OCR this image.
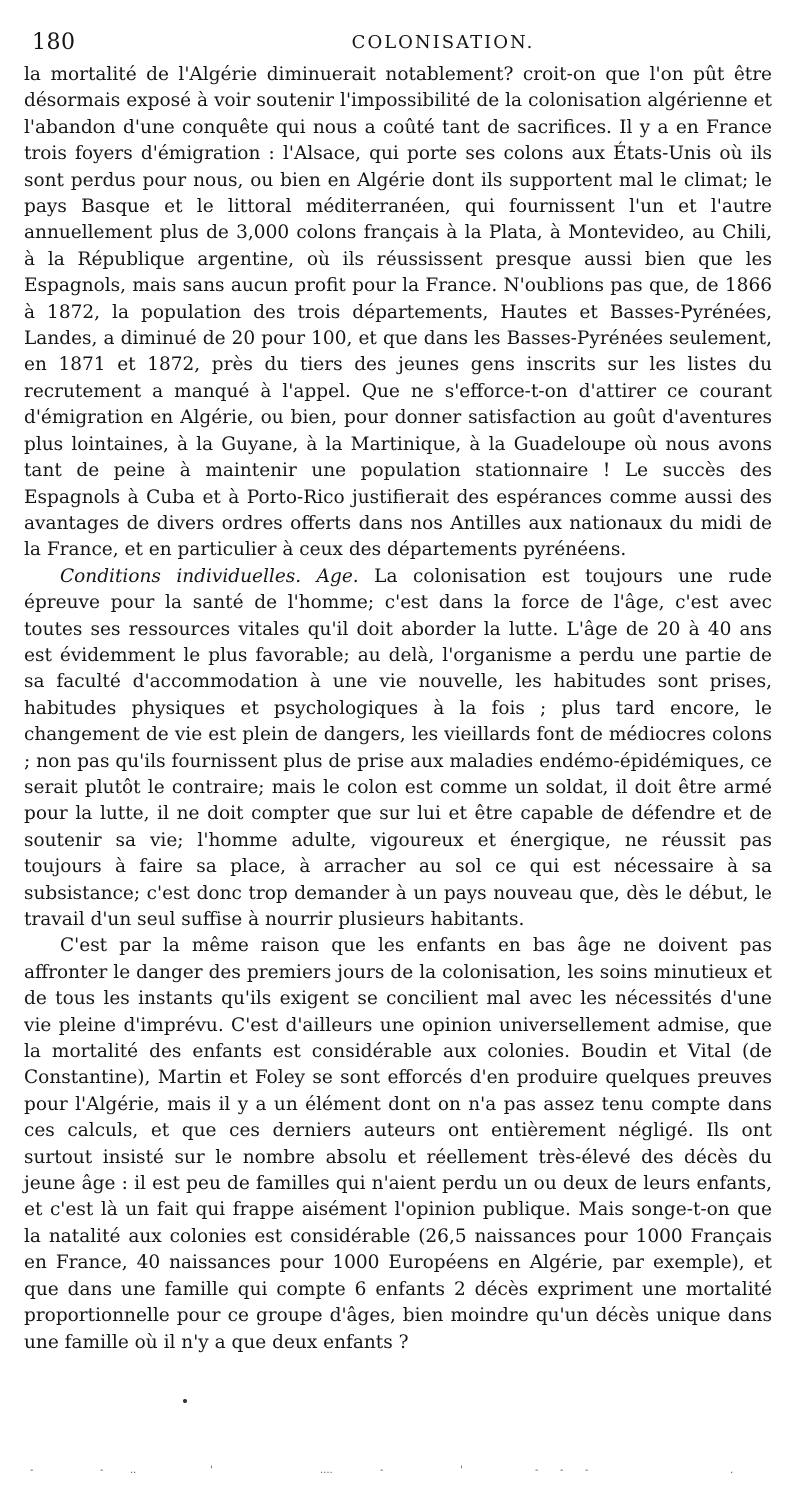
180	COLONISATION.

la mortalité de l'Algérie diminuerait notablement? croit-on que l'on pût être désormais exposé à voir soutenir l'impossibilité de la colonisation algérienne et l'abandon d'une conquête qui nous a coûté tant de sacrifices. Il y a en France trois foyers d'émigration : l'Alsace, qui porte ses colons aux États-Unis où ils sont perdus pour nous, ou bien en Algérie dont ils supportent mal le climat; le pays Basque et le littoral méditerranéen, qui fournissent l'un et l'autre annuellement plus de 3,000 colons français à la Plata, à Montevideo, au Chili, à la République argentine, où ils réussissent presque aussi bien que les Espagnols, mais sans aucun profit pour la France. N'oublions pas que, de 1866 à 1872, la population des trois départements, Hautes et Basses-Pyrénées, Landes, a diminué de 20 pour 100, et que dans les Basses-Pyrénées seulement, en 1871 et 1872, près du tiers des jeunes gens inscrits sur les listes du recrutement a manqué à l'appel. Que ne s'efforce-t-on d'attirer ce courant d'émigration en Algérie, ou bien, pour donner satisfaction au goût d'aventures plus lointaines, à la Guyane, à la Martinique, à la Guadeloupe où nous avons tant de peine à maintenir une population stationnaire ! Le succès des Espagnols à Cuba et à Porto-Rico justifierait des espérances comme aussi des avantages de divers ordres offerts dans nos Antilles aux nationaux du midi de la France, et en particulier à ceux des départements pyrénéens.

Conditions individuelles. Age. La colonisation est toujours une rude épreuve pour la santé de l'homme; c'est dans la force de l'âge, c'est avec toutes ses ressources vitales qu'il doit aborder la lutte. L'âge de 20 à 40 ans est évidemment le plus favorable; au delà, l'organisme a perdu une partie de sa faculté d'accommodation à une vie nouvelle, les habitudes sont prises, habitudes physiques et psychologiques à la fois ; plus tard encore, le changement de vie est plein de dangers, les vieillards font de médiocres colons ; non pas qu'ils fournissent plus de prise aux maladies endémo-épidémiques, ce serait plutôt le contraire; mais le colon est comme un soldat, il doit être armé pour la lutte, il ne doit compter que sur lui et être capable de défendre et de soutenir sa vie; l'homme adulte, vigoureux et énergique, ne réussit pas toujours à faire sa place, à arracher au sol ce qui est nécessaire à sa subsistance; c'est donc trop demander à un pays nouveau que, dès le début, le travail d'un seul suffise à nourrir plusieurs habitants.

C'est par la même raison que les enfants en bas âge ne doivent pas affronter le danger des premiers jours de la colonisation, les soins minutieux et de tous les instants qu'ils exigent se concilient mal avec les nécessités d'une vie pleine d'imprévu. C'est d'ailleurs une opinion universellement admise, que la mortalité des enfants est considérable aux colonies. Boudin et Vital (de Constantine), Martin et Foley se sont efforcés d'en produire quelques preuves pour l'Algérie, mais il y a un élément dont on n'a pas assez tenu compte dans ces calculs, et que ces derniers auteurs ont entièrement négligé. Ils ont surtout insisté sur le nombre absolu et réellement très-élevé des décès du jeune âge : il est peu de familles qui n'aient perdu un ou deux de leurs enfants, et c'est là un fait qui frappe aisément l'opinion publique. Mais songe-t-on que la natalité aux colonies est considérable (26,5 naissances pour 1000 Français en France, 40 naissances pour 1000 Européens en Algérie, par exemple), et que dans une famille qui compte 6 enfants 2 décès expriment une mortalité proportionnelle pour ce groupe d'âges, bien moindre qu'un décès unique dans une famille où il n'y a que deux enfants ?

-	-	..	'	....	-	'	- - -	.
